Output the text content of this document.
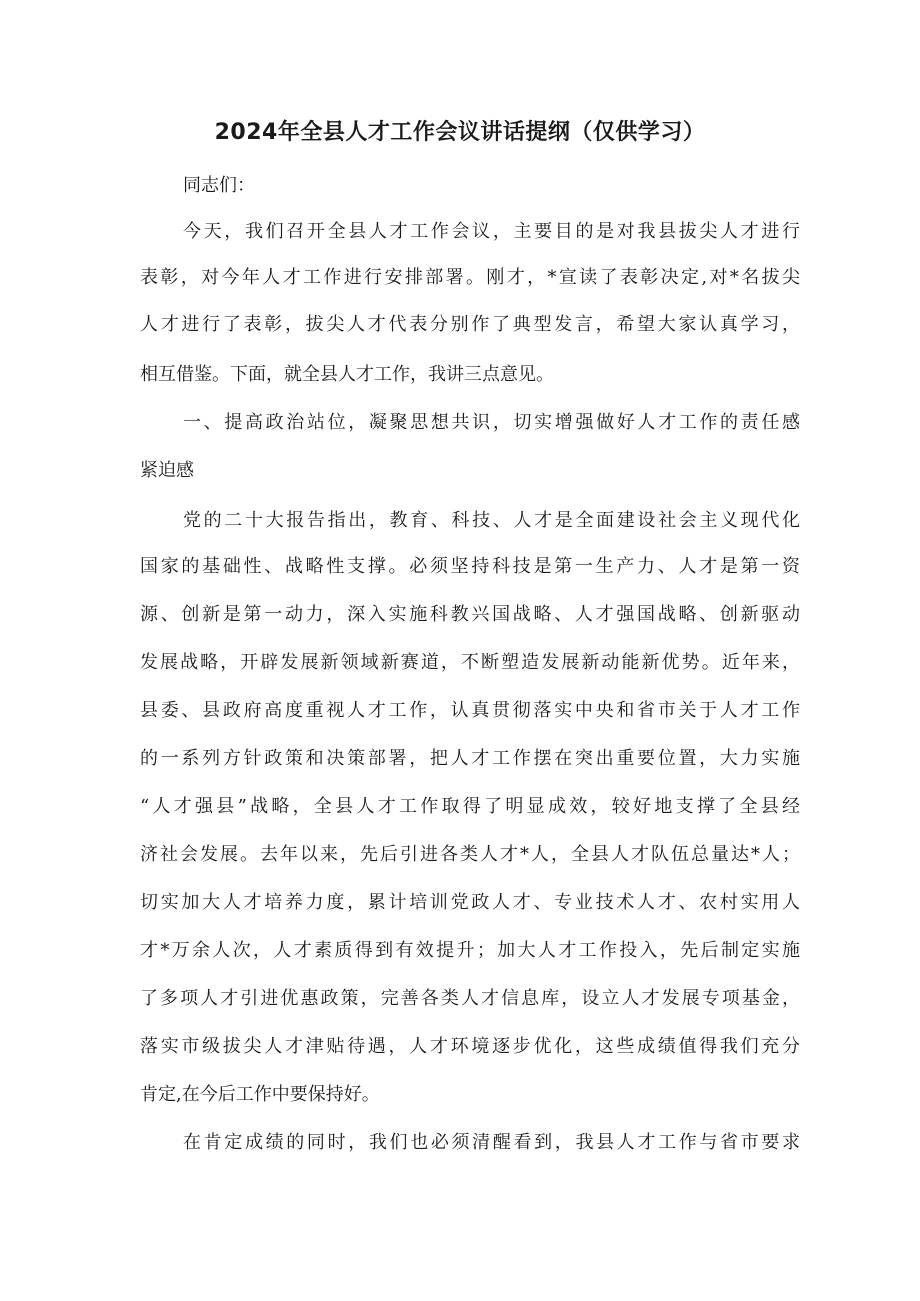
2024年全县人才工作会议讲话提纲（仅供学习）
同志们：
今天，我们召开全县人才工作会议，主要目的是对我县拔尖人才进行
表彰，对今年人才工作进行安排部署。刚才，*宣读了表彰决定,对*名拔尖
人才进行了表彰，拔尖人才代表分别作了典型发言，希望大家认真学习，
相互借鉴。下面，就全县人才工作，我讲三点意见。
一、提高政治站位，凝聚思想共识，切实增强做好人才工作的责任感
紧迫感
党的二十大报告指出，教育、科技、人才是全面建设社会主义现代化
国家的基础性、战略性支撑。必须坚持科技是第一生产力、人才是第一资
源、创新是第一动力，深入实施科教兴国战略、人才强国战略、创新驱动
发展战略，开辟发展新领域新赛道，不断塑造发展新动能新优势。近年来，
县委、县政府高度重视人才工作，认真贯彻落实中央和省市关于人才工作
的一系列方针政策和决策部署，把人才工作摆在突出重要位置，大力实施
“人才强县”战略，全县人才工作取得了明显成效，较好地支撑了全县经
济社会发展。去年以来，先后引进各类人才*人，全县人才队伍总量达*人；
切实加大人才培养力度，累计培训党政人才、专业技术人才、农村实用人
才*万余人次，人才素质得到有效提升；加大人才工作投入，先后制定实施
了多项人才引进优惠政策，完善各类人才信息库，设立人才发展专项基金，
落实市级拔尖人才津贴待遇，人才环境逐步优化，这些成绩值得我们充分
肯定,在今后工作中要保持好。
在肯定成绩的同时，我们也必须清醒看到，我县人才工作与省市要求
